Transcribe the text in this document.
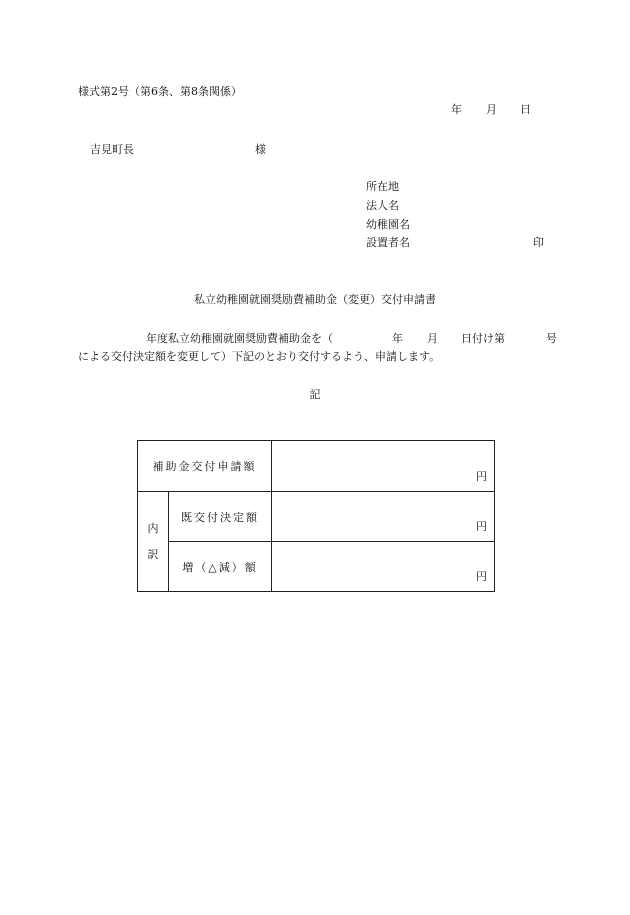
様式第2号（第6条、第8条関係）
年 月 日
吉見町長	様
所在地
法人名
幼稚園名
設置者名	印
私立幼稚園就園奨励費補助金（変更）交付申請書
年度私立幼稚園就園奨励費補助金を（	年 月 日付け第	号
による交付決定額を変更して）下記のとおり交付するよう、申請します。
記
補助金交付申請額		円

内
訳	既交付決定額	円

	増（△減）額	円
